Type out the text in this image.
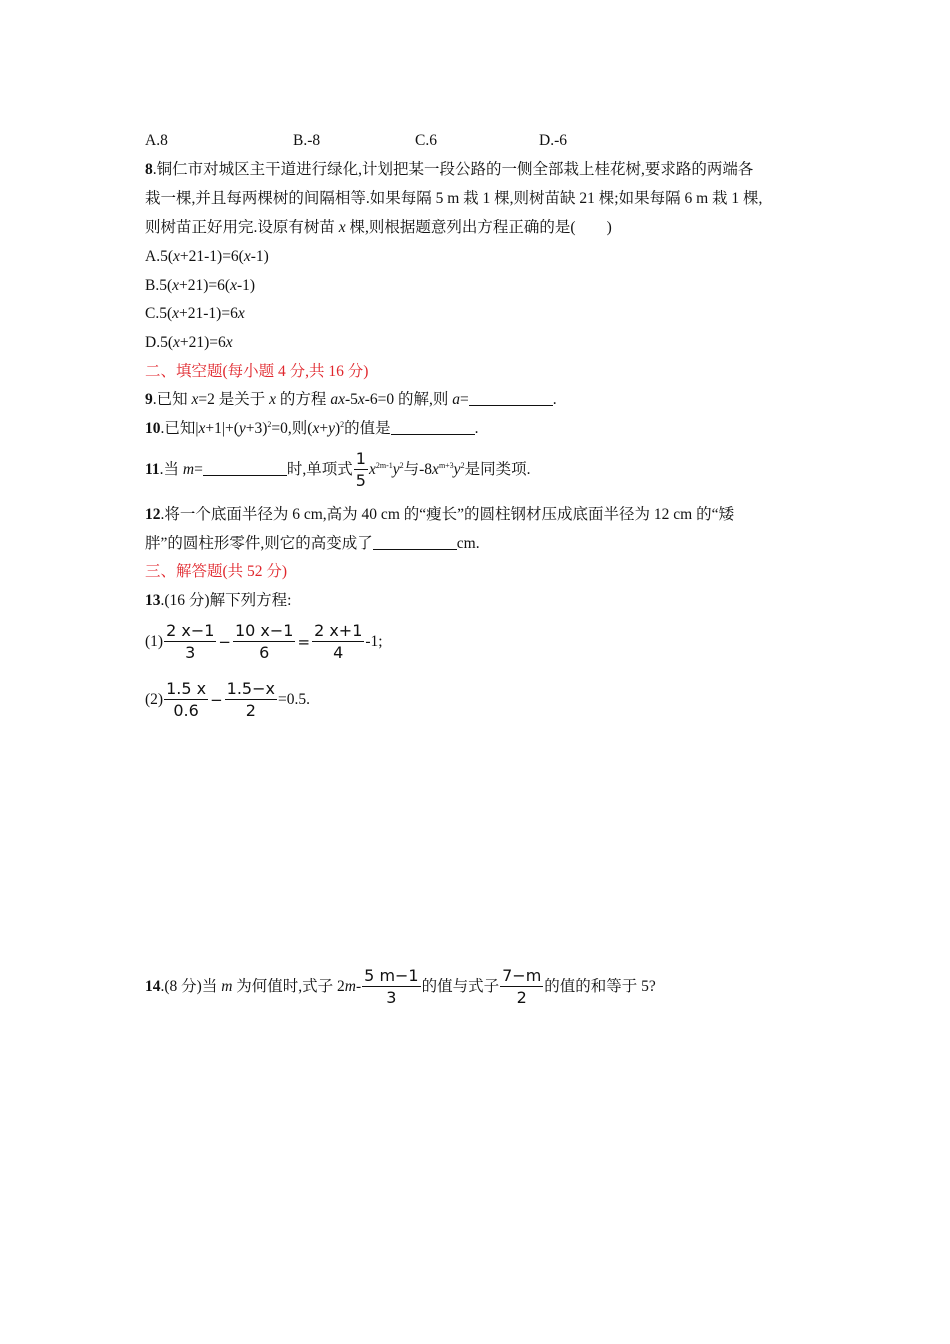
A.8	B.-8	C.6	D.-6
8.铜仁市对城区主干道进行绿化,计划把某一段公路的一侧全部栽上桂花树,要求路的两端各
栽一棵,并且每两棵树的间隔相等.如果每隔 5 m 栽 1 棵,则树苗缺 21 棵;如果每隔 6 m 栽 1 棵,
则树苗正好用完.设原有树苗 x 棵,则根据题意列出方程正确的是(　　)
A.5(x+21-1)=6(x-1)
B.5(x+21)=6(x-1)
C.5(x+21-1)=6x
D.5(x+21)=6x
二、填空题(每小题 4 分,共 16 分)
9.已知 x=2 是关于 x 的方程 ax-5x-6=0 的解,则 a=	.
10.已知$|x+1|+(y+3)^2=0$,则$(x+y)^2$的值是	.
11.当 m=	时,单项式 $\frac{1}{5} x^{2m-1}y^2$与$-8x^{m+3}y^2$是同类项.
12.将一个底面半径为 6 cm,高为 40 cm 的“瘦长”的圆柱钢材压成底面半径为 12 cm 的“矮
胖”的圆柱形零件,则它的高变成了	cm.
三、解答题(共 52 分)
13.(16 分)解下列方程:
$(1) \frac{2 x-1}{3} - \frac{10 x-1}{6} = \frac{2 x+1}{4} -1$;
$(2) \frac{1.5 x}{0.6} - \frac{1.5-x}{2} =0.5$.
14.(8 分)当 m 为何值时,式子 $2m- \frac{5 m-1}{3}$ 的值与式子 $\frac{7-m}{2}$ 的值的和等于 5?
